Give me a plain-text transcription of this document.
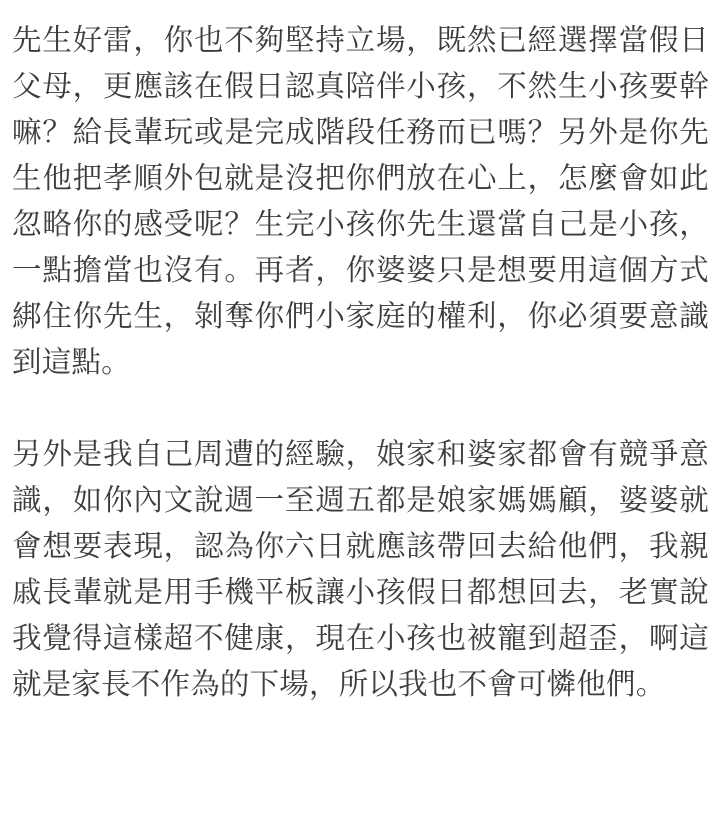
先生好雷，你也不夠堅持立場，既然已經選擇當假日父母，更應該在假日認真陪伴小孩，不然生小孩要幹嘛？給長輩玩或是完成階段任務而已嗎？另外是你先生他把孝順外包就是沒把你們放在心上，怎麼會如此忽略你的感受呢？生完小孩你先生還當自己是小孩，一點擔當也沒有。再者，你婆婆只是想要用這個方式綁住你先生，剝奪你們小家庭的權利，你必須要意識到這點。

另外是我自己周遭的經驗，娘家和婆家都會有競爭意識，如你內文說週一至週五都是娘家媽媽顧，婆婆就會想要表現，認為你六日就應該帶回去給他們，我親戚長輩就是用手機平板讓小孩假日都想回去，老實說我覺得這樣超不健康，現在小孩也被寵到超歪，啊這就是家長不作為的下場，所以我也不會可憐他們。
